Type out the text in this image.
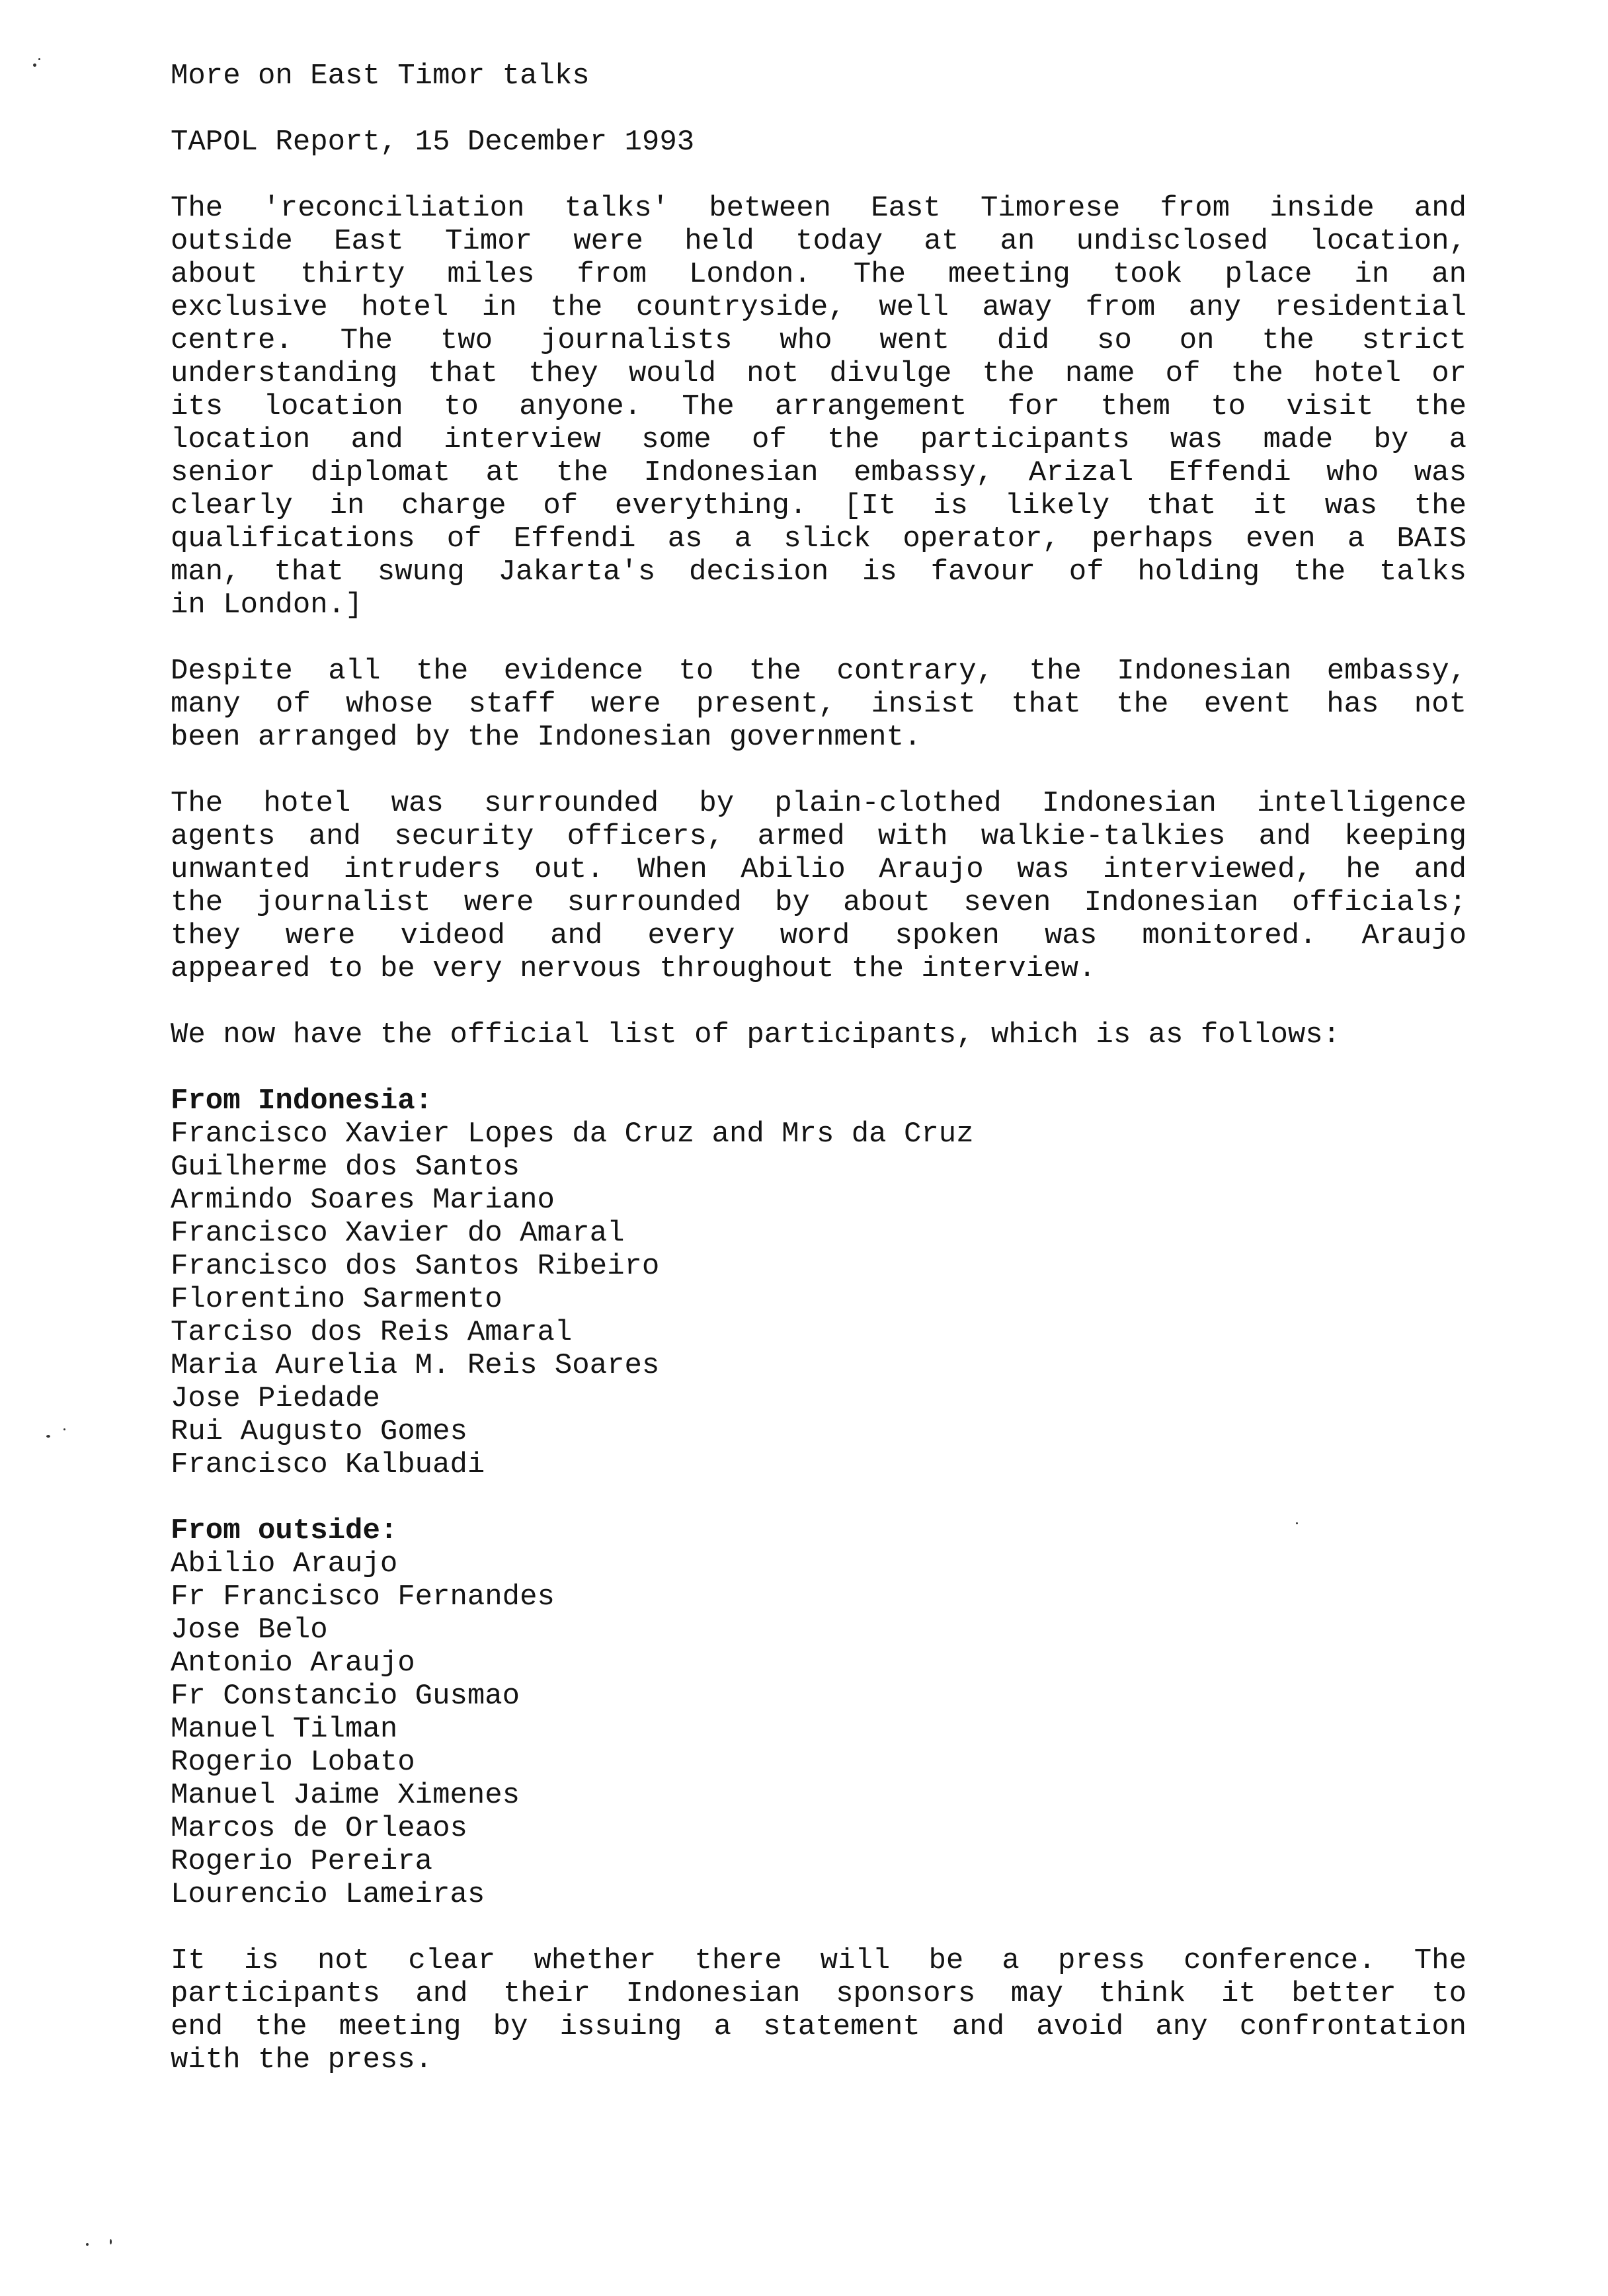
More on East Timor talks
TAPOL Report, 15 December 1993
The 'reconciliation talks' between East Timorese from inside and
outside East Timor were held today at an undisclosed location,
about thirty miles from London. The meeting took place in an
exclusive hotel in the countryside, well away from any residential
centre. The two journalists who went did so on the strict
understanding that they would not divulge the name of the hotel or
its location to anyone. The arrangement for them to visit the
location and interview some of the participants was made by a
senior diplomat at the Indonesian embassy, Arizal Effendi who was
clearly in charge of everything. [It is likely that it was the
qualifications of Effendi as a slick operator, perhaps even a BAIS
man, that swung Jakarta's decision is favour of holding the talks
in London.]
Despite all the evidence to the contrary, the Indonesian embassy,
many of whose staff were present, insist that the event has not
been arranged by the Indonesian government.
The hotel was surrounded by plain-clothed Indonesian intelligence
agents and security officers, armed with walkie-talkies and keeping
unwanted intruders out. When Abilio Araujo was interviewed, he and
the journalist were surrounded by about seven Indonesian officials;
they were videod and every word spoken was monitored. Araujo
appeared to be very nervous throughout the interview.
We now have the official list of participants, which is as follows:
From Indonesia:
Francisco Xavier Lopes da Cruz and Mrs da Cruz
Guilherme dos Santos
Armindo Soares Mariano
Francisco Xavier do Amaral
Francisco dos Santos Ribeiro
Florentino Sarmento
Tarciso dos Reis Amaral
Maria Aurelia M. Reis Soares
Jose Piedade
Rui Augusto Gomes
Francisco Kalbuadi
From outside:
Abilio Araujo
Fr Francisco Fernandes
Jose Belo
Antonio Araujo
Fr Constancio Gusmao
Manuel Tilman
Rogerio Lobato
Manuel Jaime Ximenes
Marcos de Orleaos
Rogerio Pereira
Lourencio Lameiras
It is not clear whether there will be a press conference. The
participants and their Indonesian sponsors may think it better to
end the meeting by issuing a statement and avoid any confrontation
with the press.
